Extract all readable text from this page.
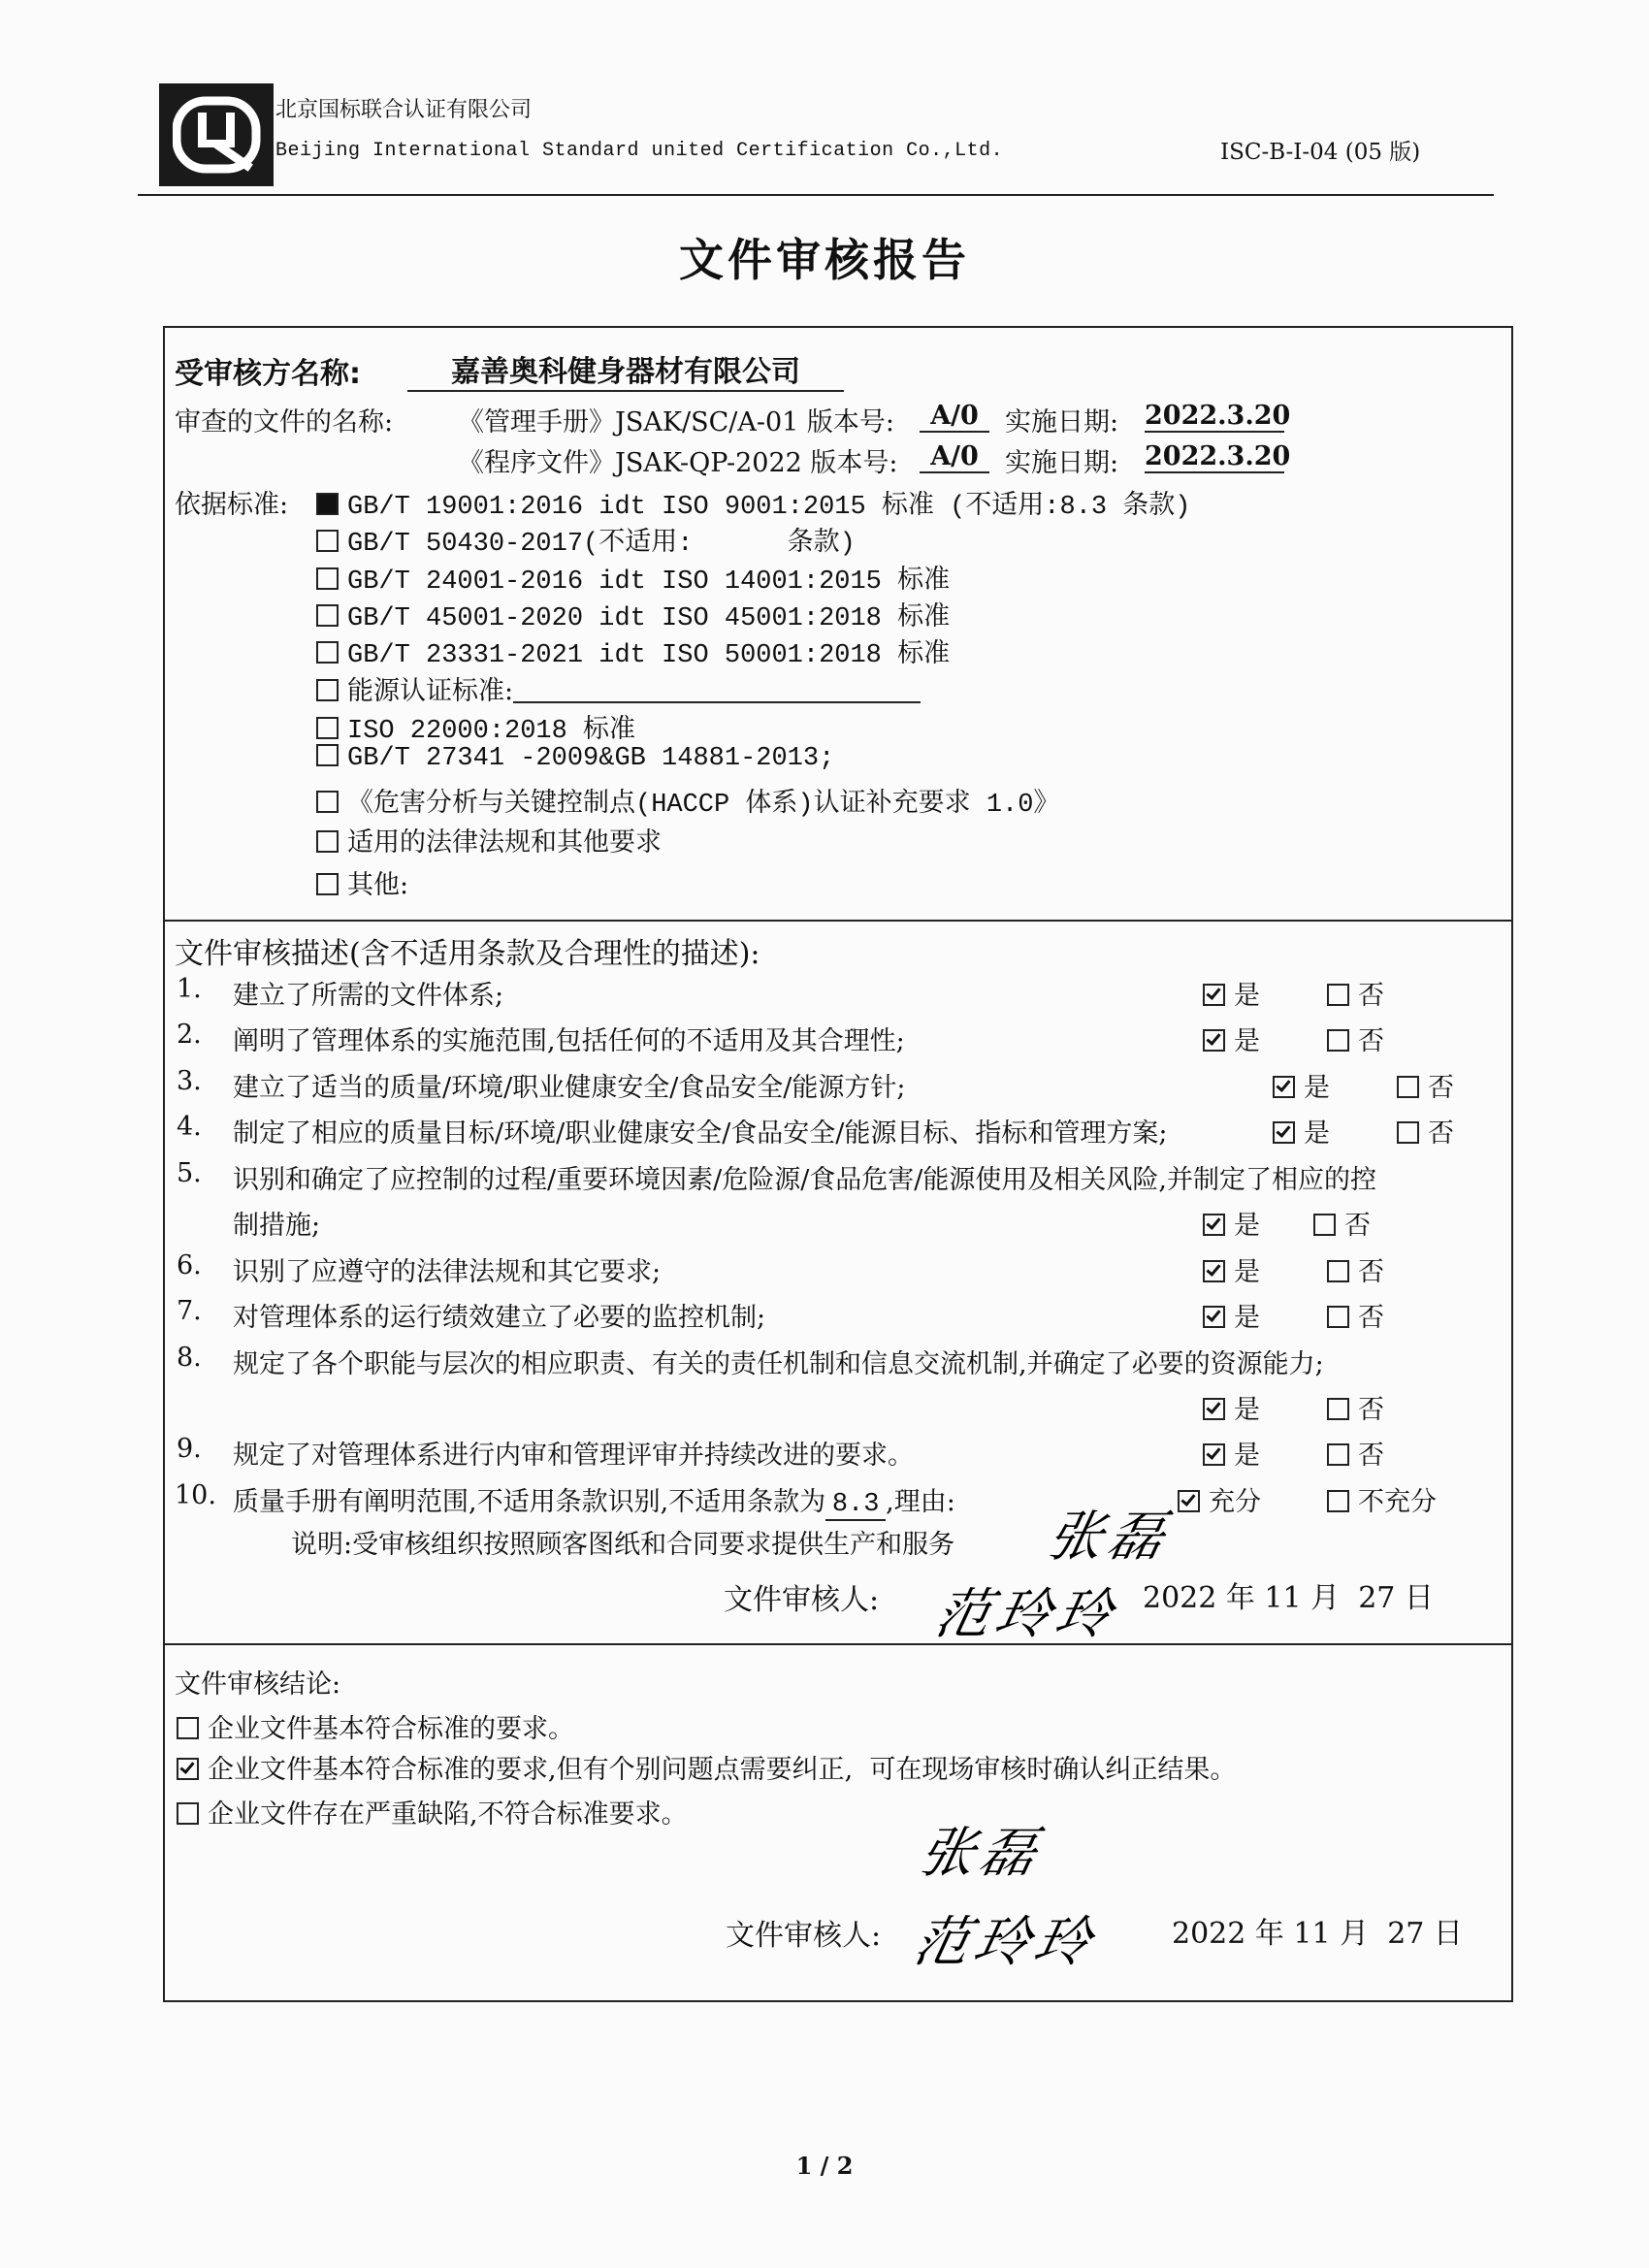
北京国标联合认证有限公司
Beijing International Standard united Certification Co.,Ltd.	ISC-B-I-04 (05 版)
文件审核报告
受审核方名称:	嘉善奥科健身器材有限公司
审查的文件的名称: 《管理手册》JSAK/SC/A-01 版本号:	A/0	实施日期: 2022.3.20
《程序文件》JSAK-QP-2022 版本号:	A/0	实施日期: 2022.3.20
依据标准:	GB/T 19001:2016 idt ISO 9001:2015 标准 (不适用:8.3 条款)
GB/T 50430-2017(不适用:      条款)
GB/T 24001-2016 idt ISO 14001:2015 标准
GB/T 45001-2020 idt ISO 45001:2018 标准
GB/T 23331-2021 idt ISO 50001:2018 标准
能源认证标准:
ISO 22000:2018 标准
GB/T 27341 -2009&GB 14881-2013;
《危害分析与关键控制点(HACCP 体系)认证补充要求 1.0》
适用的法律法规和其他要求
其他:
文件审核描述(含不适用条款及合理性的描述):
1. 建立了所需的文件体系;	是	否
2. 阐明了管理体系的实施范围,包括任何的不适用及其合理性;	是	否
3. 建立了适当的质量/环境/职业健康安全/食品安全/能源方针;	是	否
4. 制定了相应的质量目标/环境/职业健康安全/食品安全/能源目标、指标和管理方案;	是	否
5. 识别和确定了应控制的过程/重要环境因素/危险源/食品危害/能源使用及相关风险,并制定了相应的控
制措施;	是	否
6. 识别了应遵守的法律法规和其它要求;	是	否
7. 对管理体系的运行绩效建立了必要的监控机制;	是	否
8. 规定了各个职能与层次的相应职责、有关的责任机制和信息交流机制,并确定了必要的资源能力;
是	否
9. 规定了对管理体系进行内审和管理评审并持续改进的要求。	是	否
10. 质量手册有阐明范围,不适用条款识别,不适用条款为 8.3 ,理由:	充分	不充分
说明:受审核组织按照顾客图纸和合同要求提供生产和服务 张磊
文件审核人: 范玲玲 2022 年 11 月  27 日
文件审核结论:
企业文件基本符合标准的要求。
企业文件基本符合标准的要求,但有个别问题点需要纠正,  可在现场审核时确认纠正结果。
企业文件存在严重缺陷,不符合标准要求。
张磊
文件审核人: 范玲玲 2022 年 11 月  27 日
1 / 2
